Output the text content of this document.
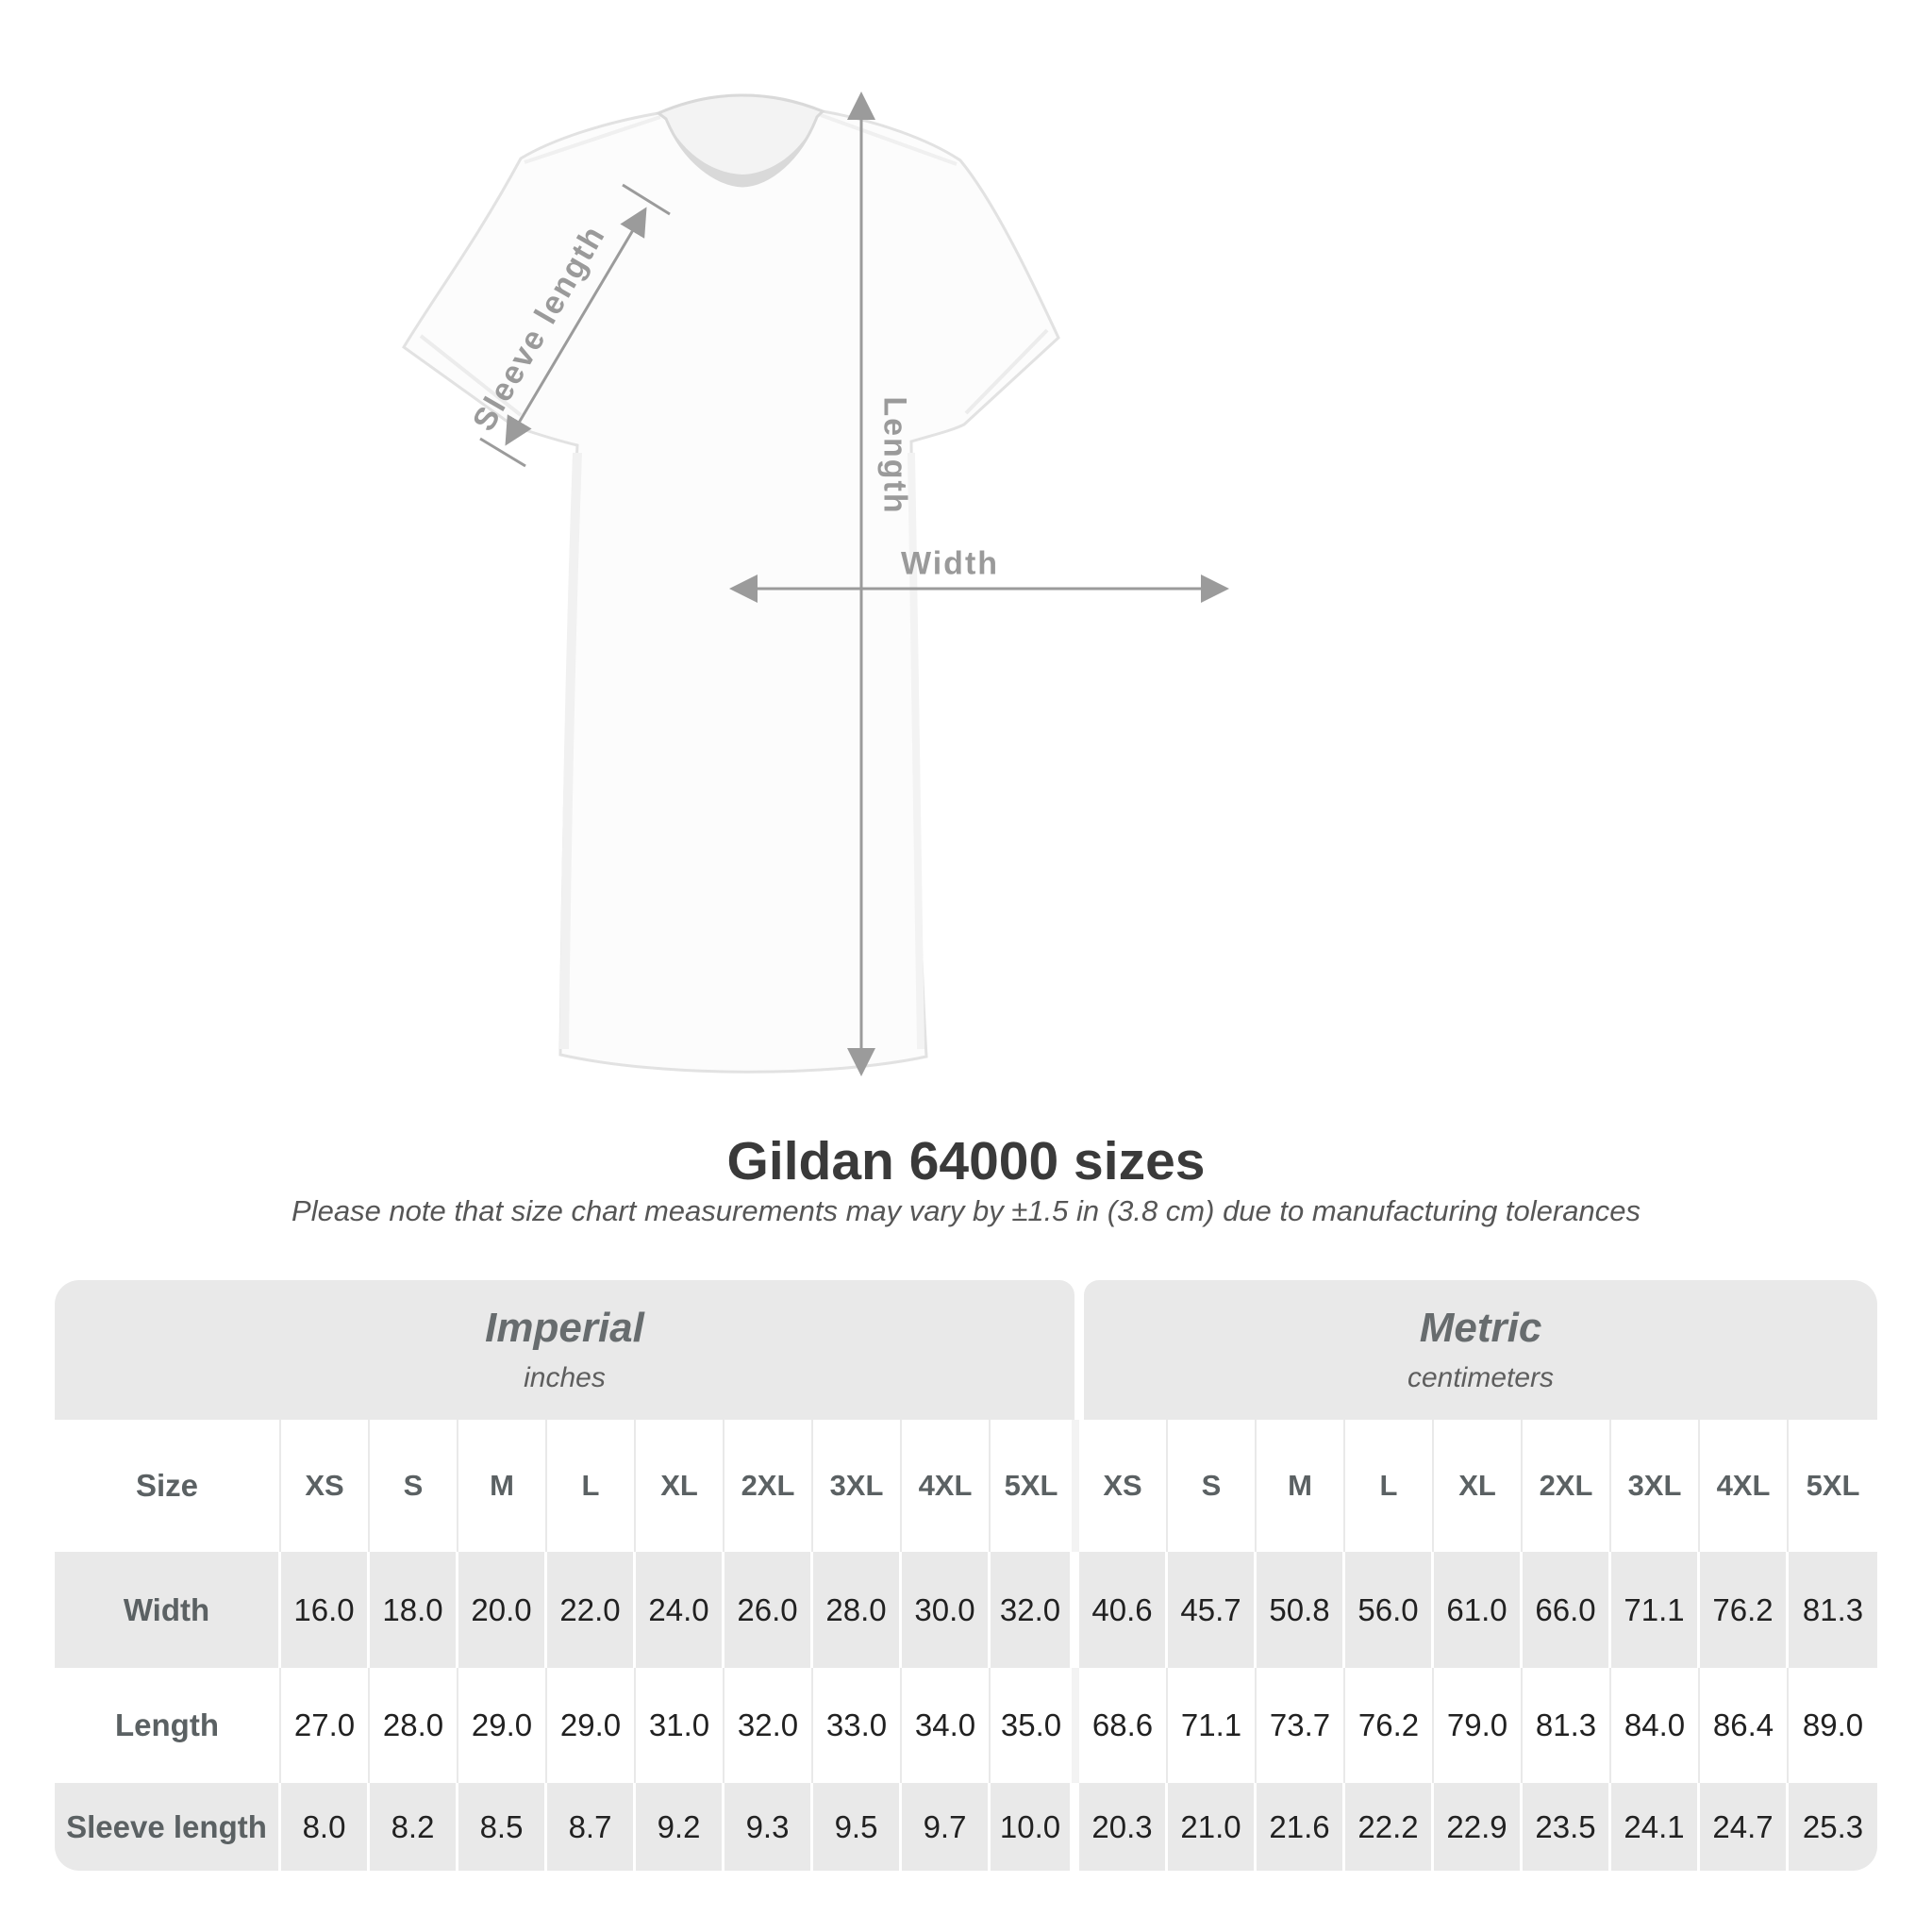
Sleeve length
Length
Width
Gildan 64000 sizes

Please note that size chart measurements may vary by ±1.5 in (3.8 cm) due to manufacturing tolerances

Imperial
inches
Metric
centimeters
Size	XS	S	M	L	XL	2XL	3XL	4XL	5XL	XS	S	M	L	XL	2XL	3XL	4XL	5XL
Width	16.0 18.0 20.0 22.0 24.0 26.0 28.0 30.0 32.0	40.6 45.7 50.8 56.0 61.0 66.0 71.1 76.2 81.3
Length	27.0 28.0 29.0 29.0 31.0 32.0 33.0 34.0 35.0 68.6 71.1 73.7 76.2 79.0 81.3 84.0 86.4 89.0
Sleeve length	8.0	8.2	8.5	8.7	9.2	9.3	9.5	9.7	10.0	20.3 21.0 21.6 22.2 22.9 23.5 24.1 24.7 25.3
